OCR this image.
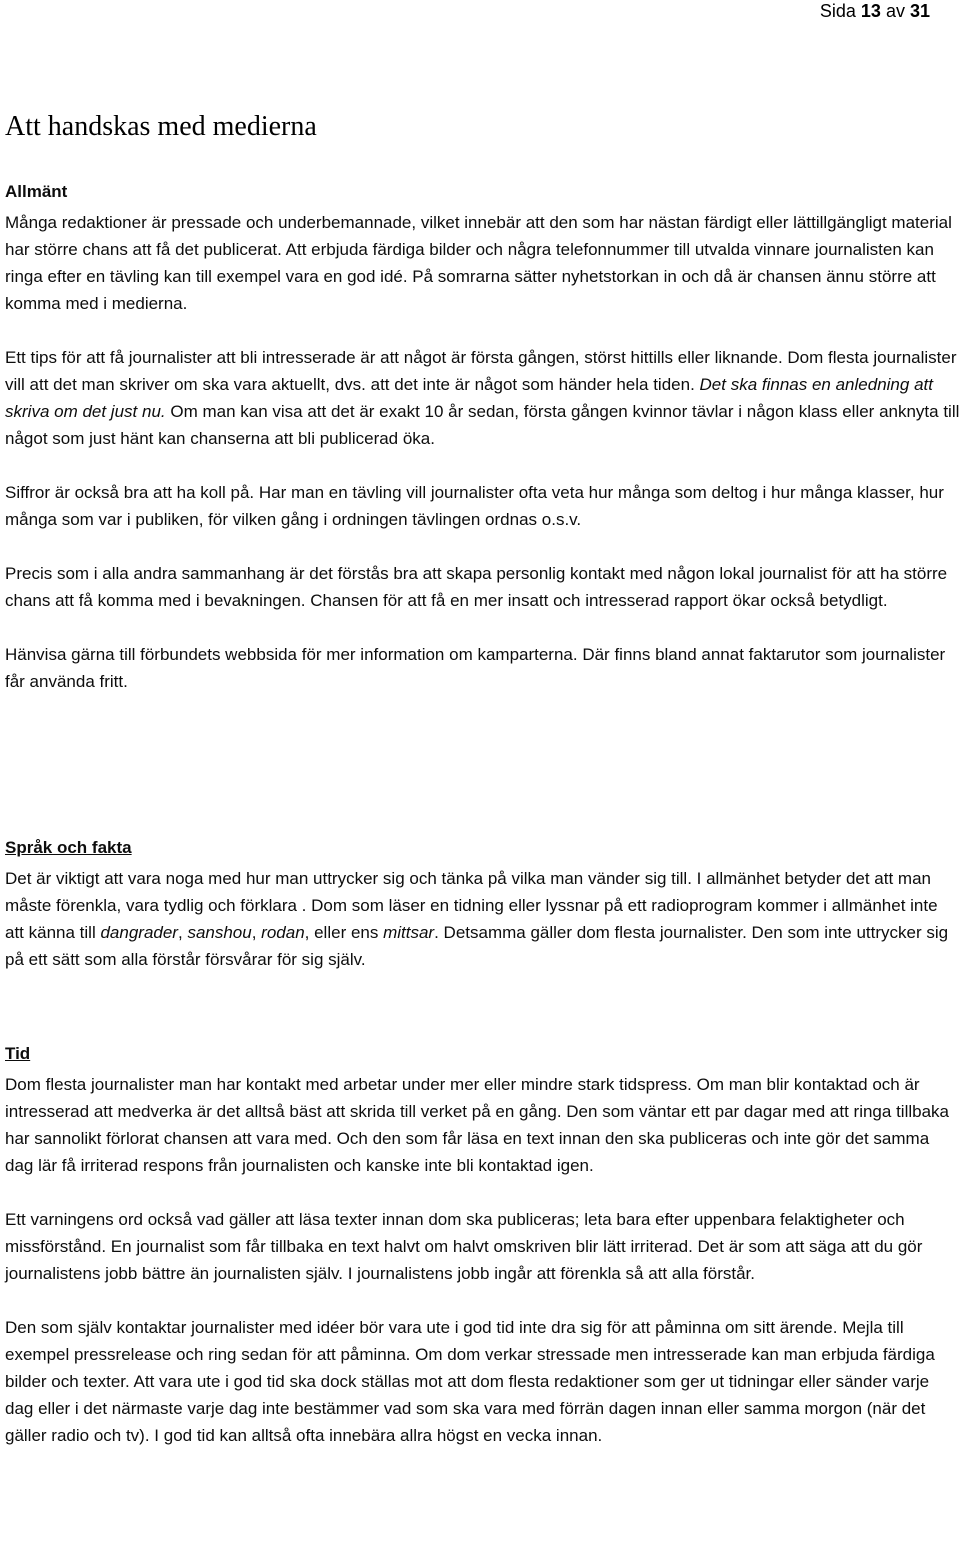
Sida 13 av 31
Att handskas med medierna
Allmänt

Många redaktioner är pressade och underbemannade, vilket innebär att den som har nästan färdigt eller lättillgängligt material har större chans att få det publicerat. Att erbjuda färdiga bilder och några telefonnummer till utvalda vinnare journalisten kan ringa efter en tävling kan till exempel vara en god idé. På somrarna sätter nyhetstorkan in och då är chansen ännu större att komma med i medierna.

Ett tips för att få journalister att bli intresserade är att något är första gången, störst hittills eller liknande. Dom flesta journalister vill att det man skriver om ska vara aktuellt, dvs. att det inte är något som händer hela tiden. Det ska finnas en anledning att skriva om det just nu. Om man kan visa att det är exakt 10 år sedan, första gången kvinnor tävlar i någon klass eller anknyta till något som just hänt kan chanserna att bli publicerad öka.

Siffror är också bra att ha koll på. Har man en tävling vill journalister ofta veta hur många som deltog i hur många klasser, hur många som var i publiken, för vilken gång i ordningen tävlingen ordnas o.s.v.

Precis som i alla andra sammanhang är det förstås bra att skapa personlig kontakt med någon lokal journalist för att ha större chans att få komma med i bevakningen. Chansen för att få en mer insatt och intresserad rapport ökar också betydligt.

Hänvisa gärna till förbundets webbsida för mer information om kamparterna. Där finns bland annat faktarutor som journalister får använda fritt.

Språk och fakta

Det är viktigt att vara noga med hur man uttrycker sig och tänka på vilka man vänder sig till. I allmänhet betyder det att man måste förenkla, vara tydlig och förklara . Dom som läser en tidning eller lyssnar på ett radioprogram kommer i allmänhet inte att känna till dangrader, sanshou, rodan, eller ens mittsar. Detsamma gäller dom flesta journalister. Den som inte uttrycker sig på ett sätt som alla förstår försvårar för sig själv.

Tid

Dom flesta journalister man har kontakt med arbetar under mer eller mindre stark tidspress. Om man blir kontaktad och är intresserad att medverka är det alltså bäst att skrida till verket på en gång. Den som väntar ett par dagar med att ringa tillbaka har sannolikt förlorat chansen att vara med. Och den som får läsa en text innan den ska publiceras och inte gör det samma dag lär få irriterad respons från journalisten och kanske inte bli kontaktad igen.

Ett varningens ord också vad gäller att läsa texter innan dom ska publiceras; leta bara efter uppenbara felaktigheter och missförstånd. En journalist som får tillbaka en text halvt om halvt omskriven blir lätt irriterad. Det är som att säga att du gör journalistens jobb bättre än journalisten själv. I journalistens jobb ingår att förenkla så att alla förstår.

Den som själv kontaktar journalister med idéer bör vara ute i god tid inte dra sig för att påminna om sitt ärende. Mejla till exempel pressrelease och ring sedan för att påminna. Om dom verkar stressade men intresserade kan man erbjuda färdiga bilder och texter. Att vara ute i god tid ska dock ställas mot att dom flesta redaktioner som ger ut tidningar eller sänder varje dag eller i det närmaste varje dag inte bestämmer vad som ska vara med förrän dagen innan eller samma morgon (när det gäller radio och tv). I god tid kan alltså ofta innebära allra högst en vecka innan.
